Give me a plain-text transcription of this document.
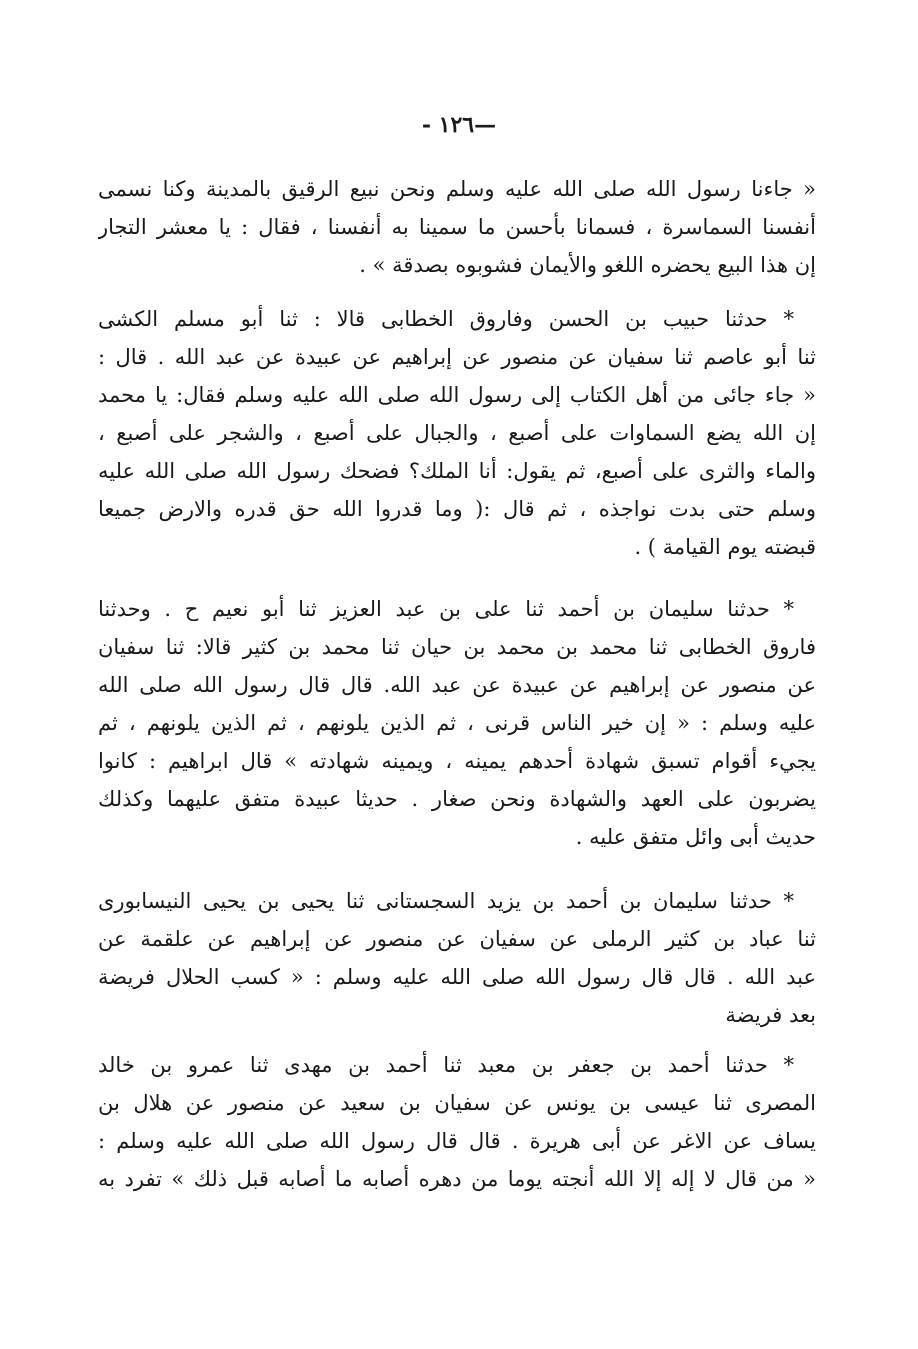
—١٢٦ -
« جاءنا رسول الله صلى الله عليه وسلم ونحن نبيع الرقيق بالمدينة وكنا نسمى
أنفسنا السماسرة ، فسمانا بأحسن ما سمينا به أنفسنا ، فقال : يا معشر التجار
إن هذا البيع يحضره اللغو والأيمان فشوبوه بصدقة » .
* حدثنا حبيب بن الحسن وفاروق الخطابى قالا : ثنا أبو مسلم الكشى
ثنا أبو عاصم ثنا سفيان عن منصور عن إبراهيم عن عبيدة عن عبد الله . قال :
« جاء جائى من أهل الكتاب إلى رسول الله صلى الله عليه وسلم فقال: يا محمد
إن الله يضع السماوات على أصبع ، والجبال على أصبع ، والشجر على أصبع ،
والماء والثرى على أصبع، ثم يقول: أنا الملك؟ فضحك رسول الله صلى الله عليه
وسلم حتى بدت نواجذه ، ثم قال :( وما قدروا الله حق قدره والارض جميعا
قبضته يوم القيامة ) .
* حدثنا سليمان بن أحمد ثنا على بن عبد العزيز ثنا أبو نعيم ح . وحدثنا
فاروق الخطابى ثنا محمد بن محمد بن حيان ثنا محمد بن كثير قالا: ثنا سفيان
عن منصور عن إبراهيم عن عبيدة عن عبد الله. قال قال رسول الله صلى الله
عليه وسلم : « إن خير الناس قرنى ، ثم الذين يلونهم ، ثم الذين يلونهم ، ثم
يجيء أقوام تسبق شهادة أحدهم يمينه ، ويمينه شهادته » قال ابراهيم : كانوا
يضربون على العهد والشهادة ونحن صغار . حديثا عبيدة متفق عليهما وكذلك
حديث أبى وائل متفق عليه .
* حدثنا سليمان بن أحمد بن يزيد السجستانى ثنا يحيى بن يحيى النيسابورى
ثنا عباد بن كثير الرملى عن سفيان عن منصور عن إبراهيم عن علقمة عن
عبد الله . قال قال رسول الله صلى الله عليه وسلم : « كسب الحلال فريضة
بعد فريضة
* حدثنا أحمد بن جعفر بن معبد ثنا أحمد بن مهدى ثنا عمرو بن خالد
المصرى ثنا عيسى بن يونس عن سفيان بن سعيد عن منصور عن هلال بن
يساف عن الاغر عن أبى هريرة . قال قال رسول الله صلى الله عليه وسلم :
« من قال لا إله إلا الله أنجته يوما من دهره أصابه ما أصابه قبل ذلك » تفرد به
